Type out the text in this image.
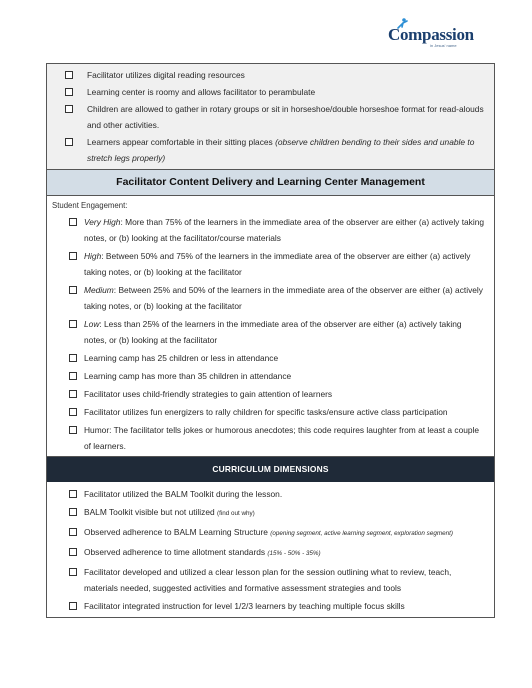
Compassion
in Jesus' name
Facilitator utilizes digital reading resources
Learning center is roomy and allows facilitator to perambulate
Children are allowed to gather in rotary groups or sit in horseshoe/double horseshoe format for read-alouds and other activities.
Learners appear comfortable in their sitting places (observe children bending to their sides and unable to stretch legs properly)
Facilitator Content Delivery and Learning Center Management
Student Engagement:
Very High: More than 75% of the learners in the immediate area of the observer are either (a) actively taking notes, or (b) looking at the facilitator/course materials
High: Between 50% and 75% of the learners in the immediate area of the observer are either (a) actively taking notes, or (b) looking at the facilitator
Medium: Between 25% and 50% of the learners in the immediate area of the observer are either (a) actively taking notes, or (b) looking at the facilitator
Low: Less than 25% of the learners in the immediate area of the observer are either (a) actively taking notes, or (b) looking at the facilitator
Learning camp has 25 children or less in attendance
Learning camp has more than 35 children in attendance
Facilitator uses child-friendly strategies to gain attention of learners
Facilitator utilizes fun energizers to rally children for specific tasks/ensure active class participation
Humor: The facilitator tells jokes or humorous anecdotes; this code requires laughter from at least a couple of learners.
CURRICULUM DIMENSIONS
Facilitator utilized the BALM Toolkit during the lesson.
BALM Toolkit visible but not utilized (find out why)
Observed adherence to BALM Learning Structure (opening segment, active learning segment, exploration segment)
Observed adherence to time allotment standards (15% - 50% - 35%)
Facilitator developed and utilized a clear lesson plan for the session outlining what to review, teach, materials needed, suggested activities and formative assessment strategies and tools
Facilitator integrated instruction for level 1/2/3 learners by teaching multiple focus skills
